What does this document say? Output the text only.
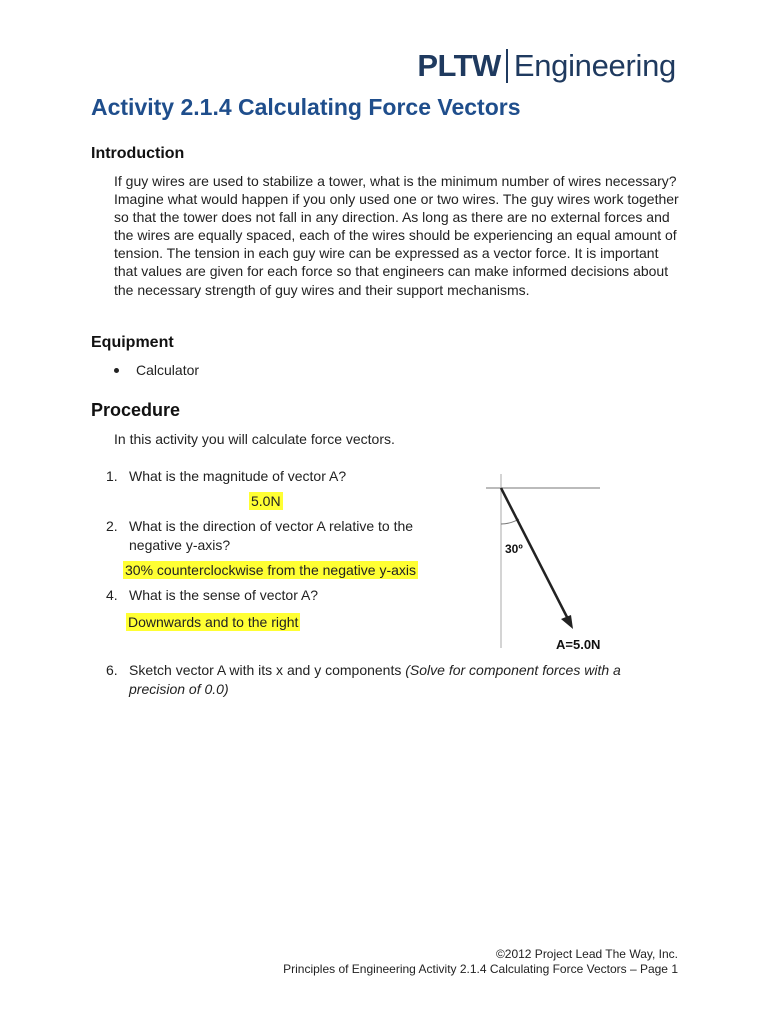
PLTW Engineering
Activity 2.1.4 Calculating Force Vectors
Introduction

If guy wires are used to stabilize a tower, what is the minimum number of wires necessary? Imagine what would happen if you only used one or two wires. The guy wires work together so that the tower does not fall in any direction. As long as there are no external forces and the wires are equally spaced, each of the wires should be experiencing an equal amount of tension. The tension in each guy wire can be expressed as a vector force. It is important that values are given for each force so that engineers can make informed decisions about the necessary strength of guy wires and their support mechanisms.

Equipment
Calculator
Procedure
In this activity you will calculate force vectors.
1. What is the magnitude of vector A?
5.0N
2. What is the direction of vector A relative to the
negative y-axis?
30% counterclockwise from the negative y-axis
4. What is the sense of vector A?
Downwards and to the right
6. Sketch vector A with its x and y components (Solve for component forces with a
precision of 0.0)
30º
A=5.0N
©2012 Project Lead The Way, Inc.
Principles of Engineering Activity 2.1.4 Calculating Force Vectors – Page 1
